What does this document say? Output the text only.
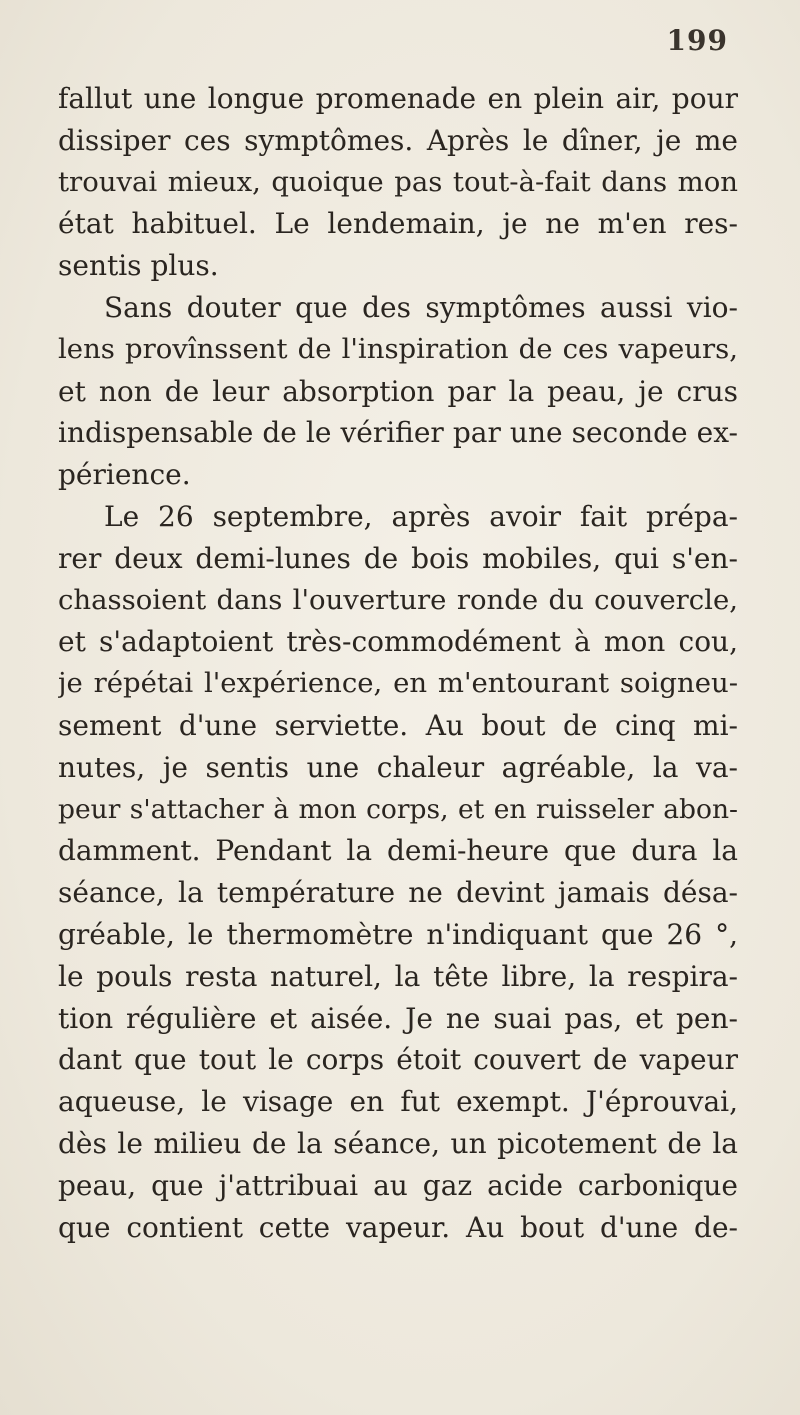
199
fallut une longue promenade en plein air, pour
dissiper ces symptômes. Après le dîner, je me
trouvai mieux, quoique pas tout-à-fait dans mon
état habituel. Le lendemain, je ne m'en res-
sentis plus.
Sans douter que des symptômes aussi vio-
lens provînssent de l'inspiration de ces vapeurs,
et non de leur absorption par la peau, je crus
indispensable de le vérifier par une seconde ex-
périence.
Le 26 septembre, après avoir fait prépa-
rer deux demi-lunes de bois mobiles, qui s'en-
chassoient dans l'ouverture ronde du couvercle,
et s'adaptoient très-commodément à mon cou,
je répétai l'expérience, en m'entourant soigneu-
sement d'une serviette. Au bout de cinq mi-
nutes, je sentis une chaleur agréable, la va-
peur s'attacher à mon corps, et en ruisseler abon-
damment. Pendant la demi-heure que dura la
séance, la température ne devint jamais désa-
gréable, le thermomètre n'indiquant que 26 °,
le pouls resta naturel, la tête libre, la respira-
tion régulière et aisée. Je ne suai pas, et pen-
dant que tout le corps étoit couvert de vapeur
aqueuse, le visage en fut exempt. J'éprouvai,
dès le milieu de la séance, un picotement de la
peau, que j'attribuai au gaz acide carbonique
que contient cette vapeur. Au bout d'une de-
